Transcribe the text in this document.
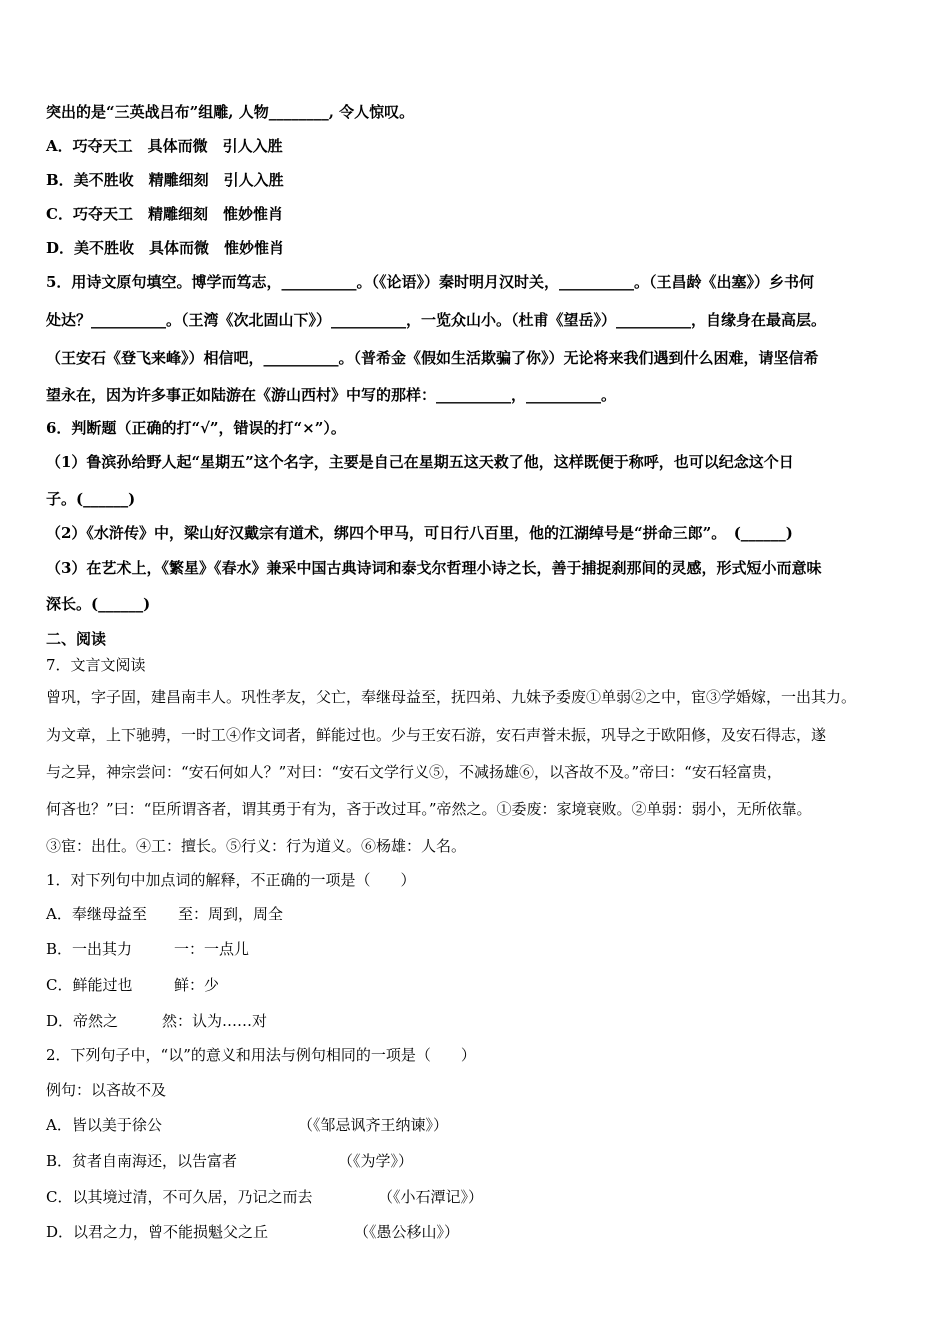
突出的是“三英战吕布”组雕, 人物________, 令人惊叹。
A．巧夺天工　具体而微　引人入胜
B．美不胜收　精雕细刻　引人入胜
C．巧夺天工　精雕细刻　惟妙惟肖
D．美不胜收　具体而微　惟妙惟肖
5．用诗文原句填空。博学而笃志，__________。（《论语》）秦时明月汉时关，__________。（王昌龄《出塞》）乡书何
处达？__________。（王湾《次北固山下》）__________，一览众山小。（杜甫《望岳》）__________，自缘身在最高层。
（王安石《登飞来峰》）相信吧，__________。（普希金《假如生活欺骗了你》）无论将来我们遇到什么困难，请坚信希
望永在，因为许多事正如陆游在《游山西村》中写的那样：__________，__________。
6．判断题（正确的打“√”，错误的打“×”）。
（1）鲁滨孙给野人起“星期五”这个名字，主要是自己在星期五这天救了他，这样既便于称呼，也可以纪念这个日
子。(______)
（2）《水浒传》中，梁山好汉戴宗有道术，绑四个甲马，可日行八百里，他的江湖绰号是“拼命三郎”。　(______)
（3）在艺术上，《繁星》《春水》兼采中国古典诗词和泰戈尔哲理小诗之长，善于捕捉刹那间的灵感，形式短小而意味
深长。(______)
二、阅读
7．文言文阅读
曾巩，字子固，建昌南丰人。巩性孝友，父亡，奉继母益至，抚四弟、九妹予委废①单弱②之中，宦③学婚嫁，一出其力。
为文章，上下驰骋，一时工④作文词者，鲜能过也。少与王安石游，安石声誉未振，巩导之于欧阳修，及安石得志，遂
与之异，神宗尝问：“安石何如人？”对曰：“安石文学行义⑤，不减扬雄⑥，以吝故不及。”帝曰：“安石轻富贵，
何吝也？”曰：“臣所谓吝者，谓其勇于有为，吝于改过耳。”帝然之。①委废：家境衰败。②单弱：弱小，无所依靠。
③宦：出仕。④工：擅长。⑤行义：行为道义。⑥杨雄：人名。
1．对下列句中加点词的解释，不正确的一项是（　　）
A．奉继母益至 至：周到，周全
B．一出其力	一：一点儿
C．鲜能过也	鲜：少
D．帝然之	然：认为……对
2．下列句子中，“以”的意义和用法与例句相同的一项是（　　）
例句：以吝故不及
A．皆以美于徐公	（《邹忌讽齐王纳谏》）
B．贫者自南海还，以告富者	（《为学》）
C．以其境过清，不可久居，乃记之而去	（《小石潭记》）
D．以君之力，曾不能损魁父之丘	（《愚公移山》）
